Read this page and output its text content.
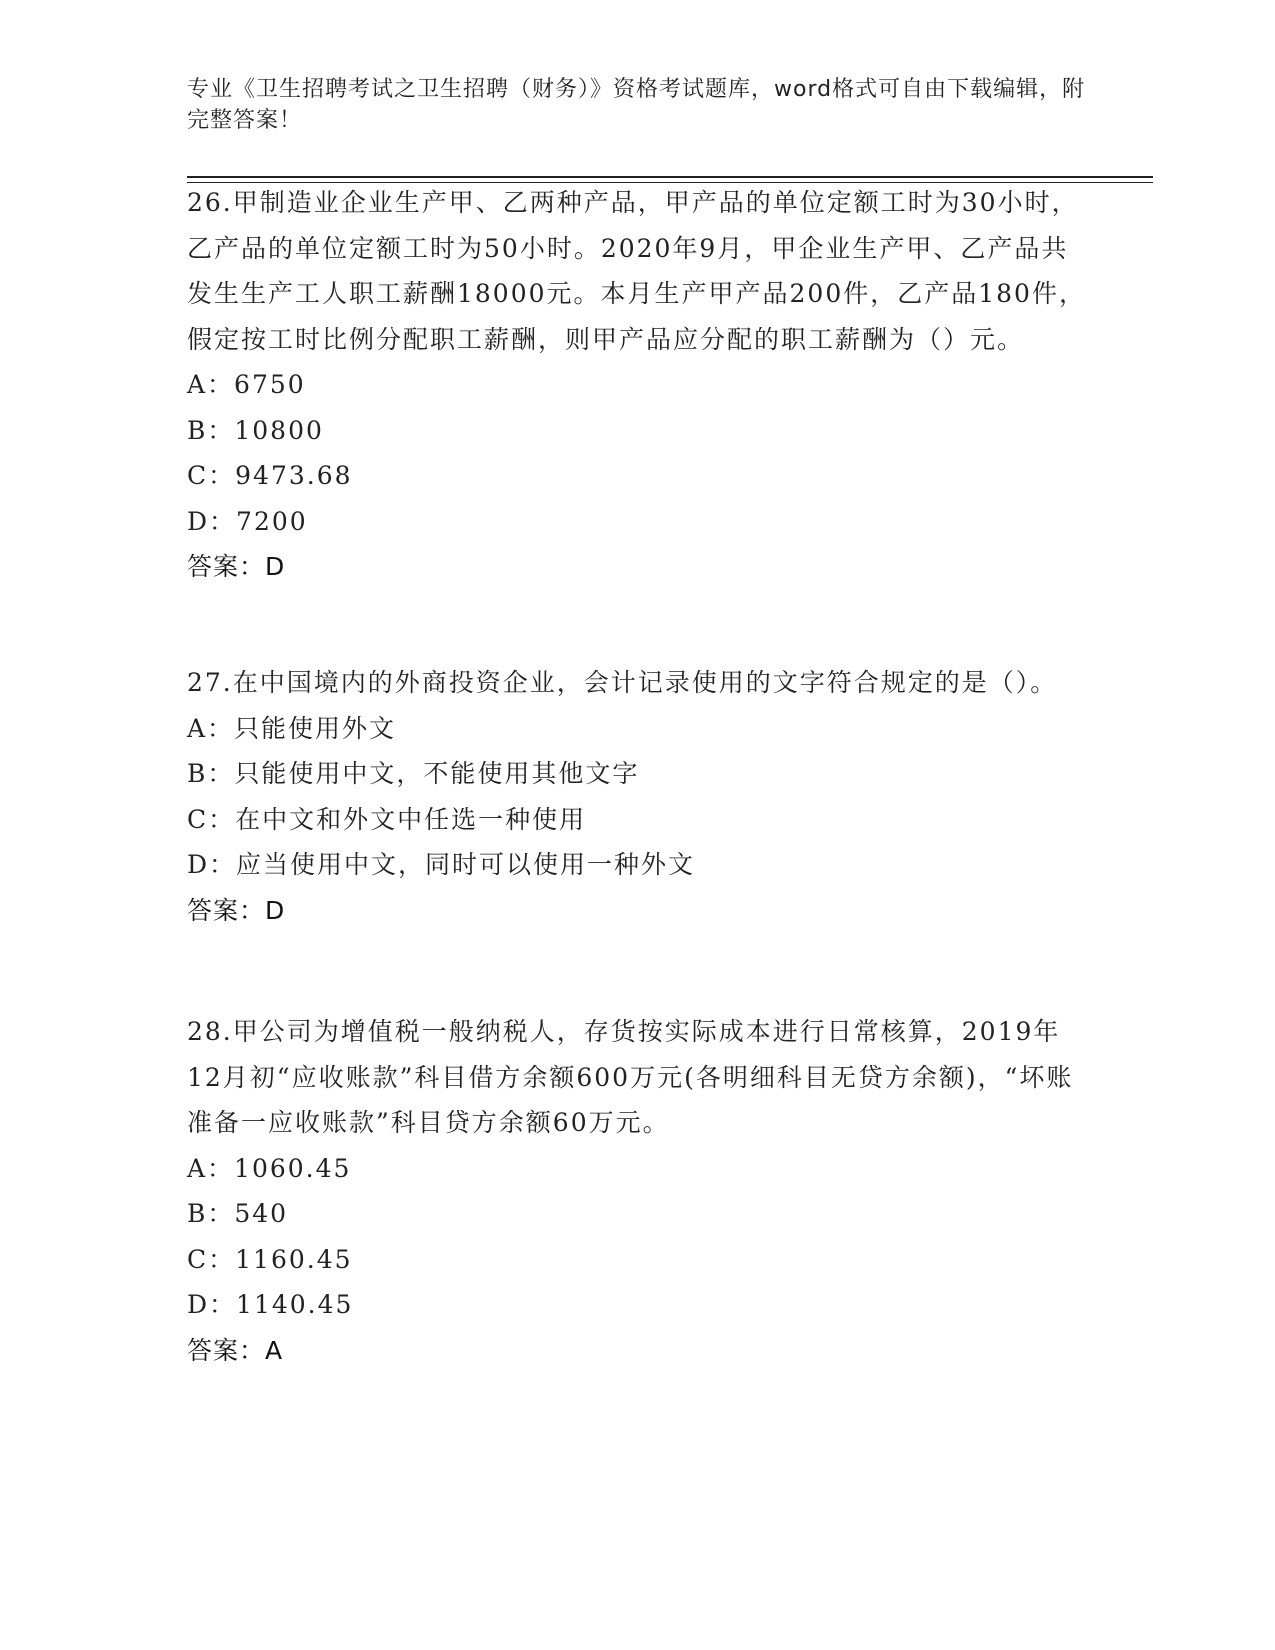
专业《卫生招聘考试之卫生招聘（财务）》资格考试题库，word格式可自由下载编辑，附完整答案！

26.甲制造业企业生产甲、乙两种产品，甲产品的单位定额工时为30小时，乙产品的单位定额工时为50小时。2020年9月，甲企业生产甲、乙产品共发生生产工人职工薪酬18000元。本月生产甲产品200件，乙产品180件，假定按工时比例分配职工薪酬，则甲产品应分配的职工薪酬为（）元。

A：6750
B：10800
C：9473.68
D：7200
答案：D

27.在中国境内的外商投资企业，会计记录使用的文字符合规定的是（）。

A：只能使用外文
B：只能使用中文，不能使用其他文字
C：在中文和外文中任选一种使用
D：应当使用中文，同时可以使用一种外文
答案：D

28.甲公司为增值税一般纳税人，存货按实际成本进行日常核算，2019年12月初“应收账款”科目借方余额600万元(各明细科目无贷方余额)，“坏账准备一应收账款”科目贷方余额60万元。

A：1060.45
B：540
C：1160.45
D：1140.45
答案：A
